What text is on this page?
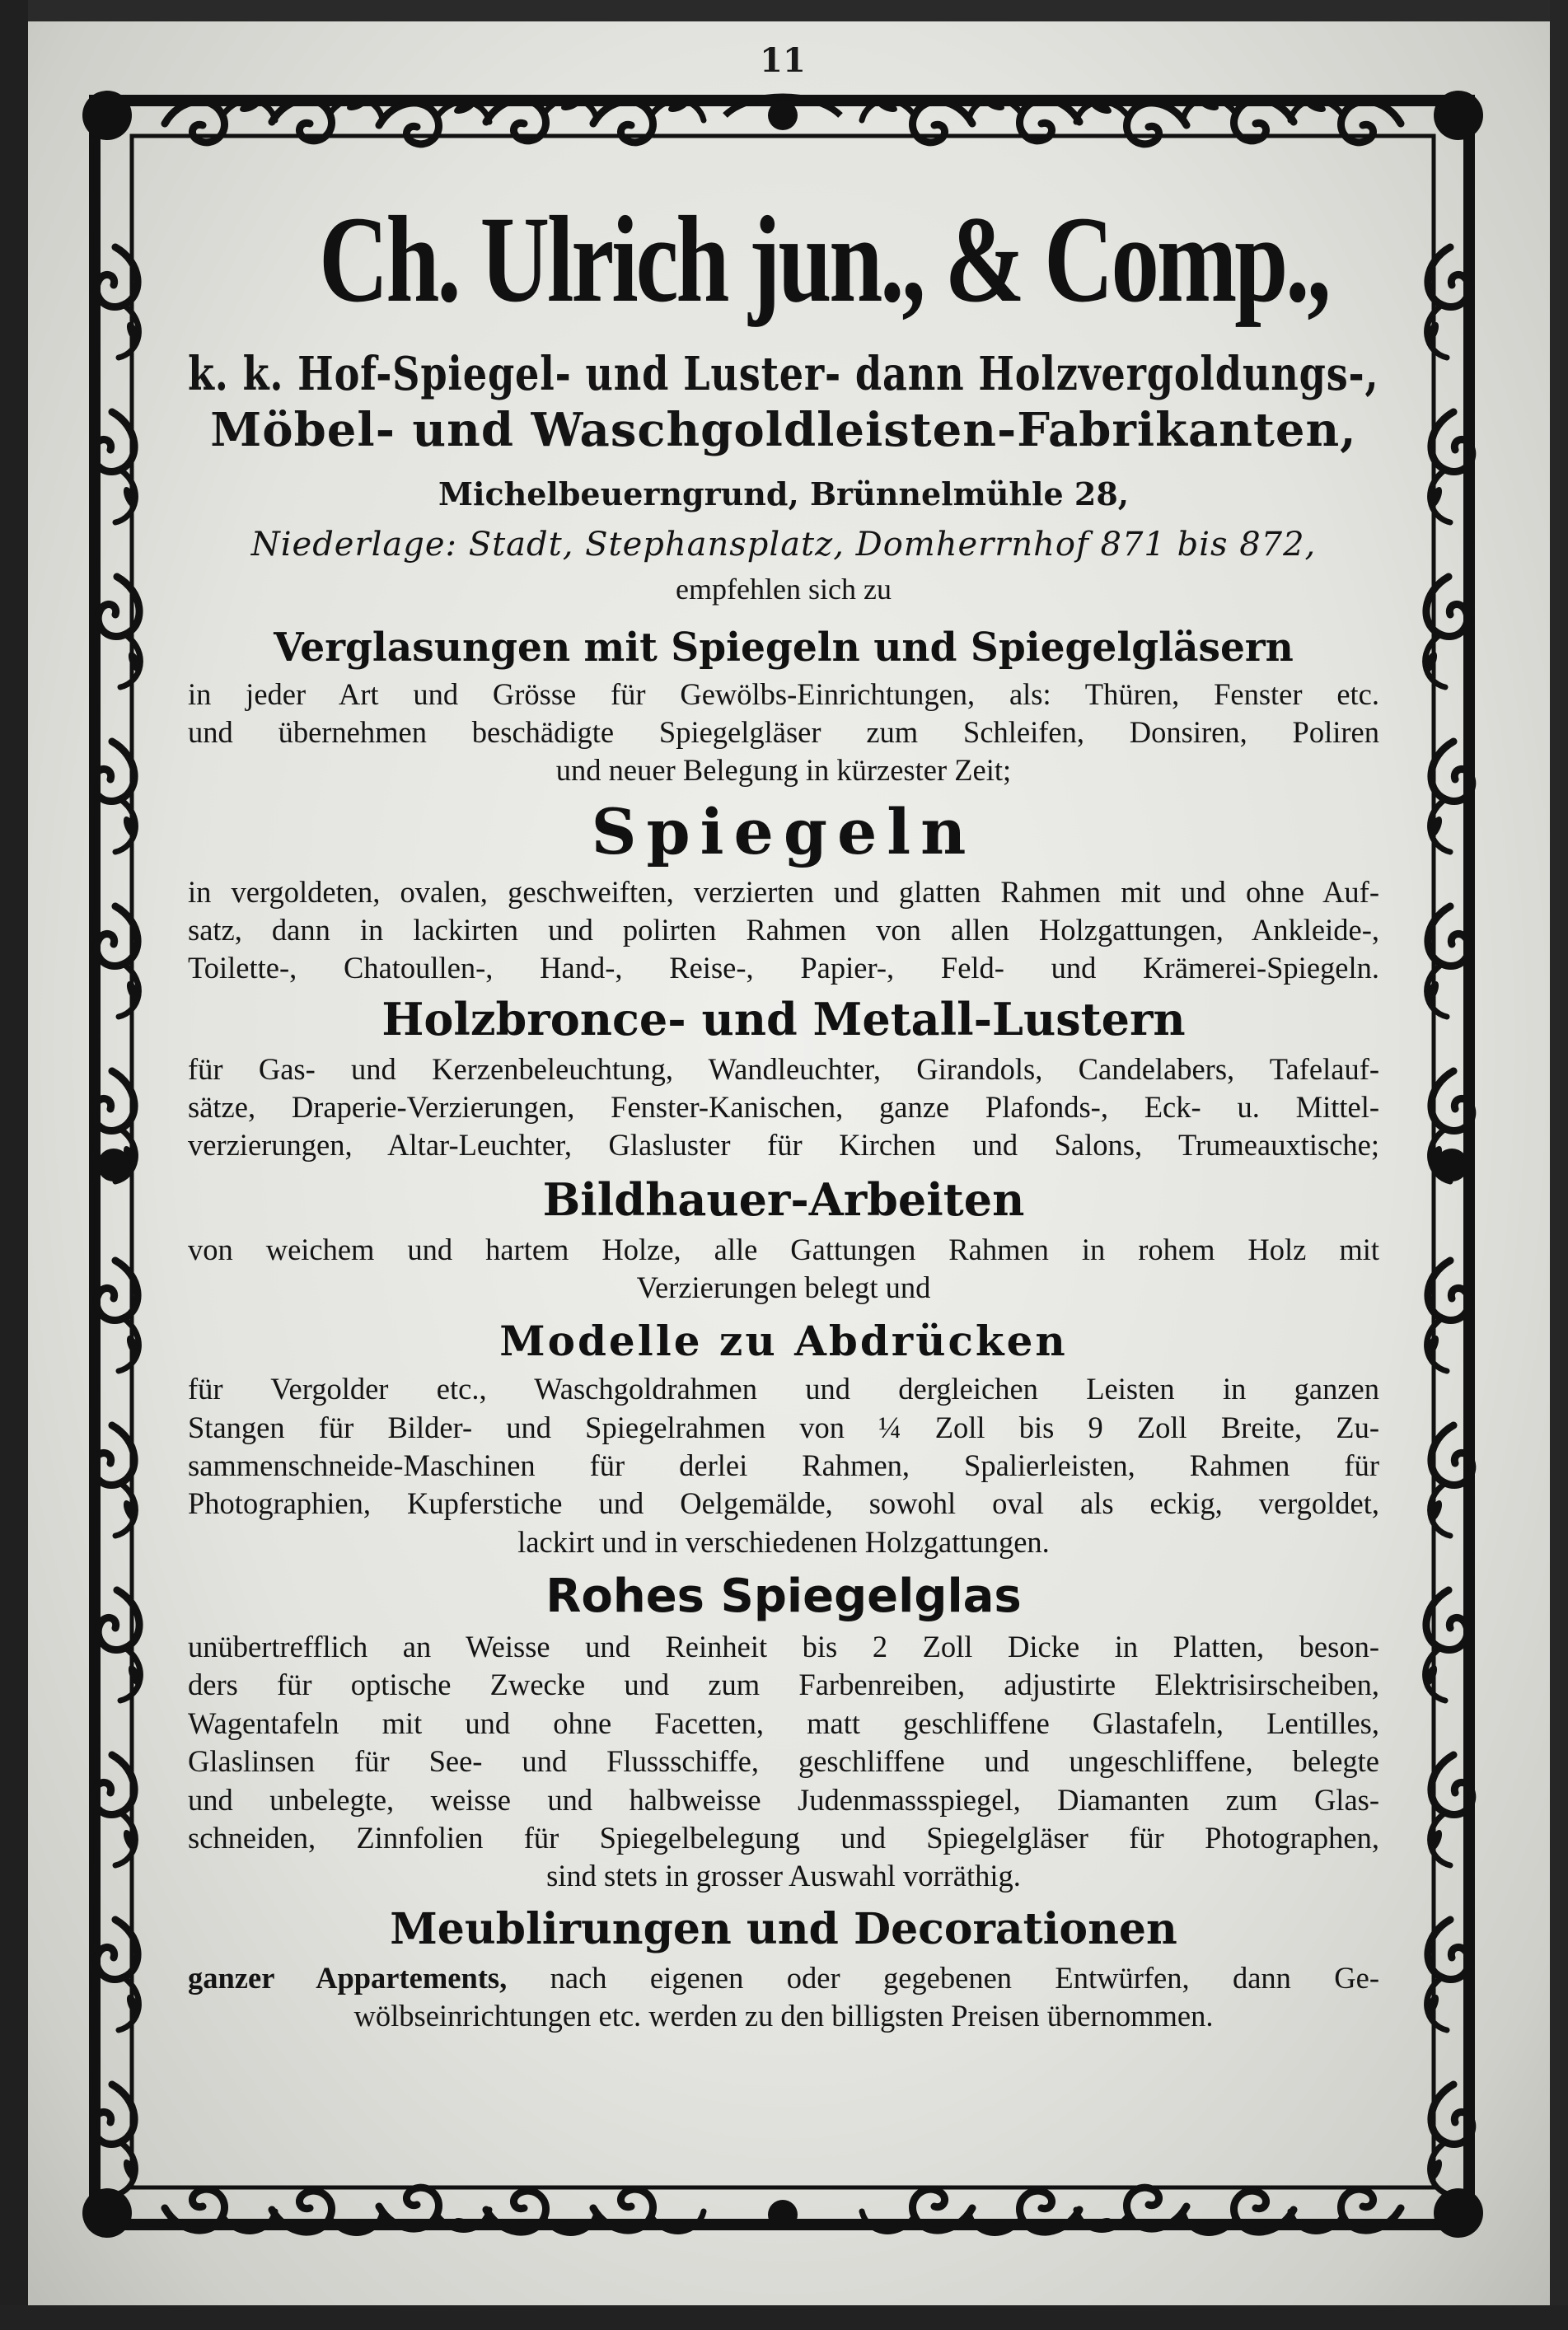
11
Ch. Ulrich jun., & Comp.,
k. k. Hof-Spiegel- und Luster- dann Holzvergoldungs-,
Möbel- und Waschgoldleisten-Fabrikanten,
Michelbeuerngrund, Brünnelmühle 28,
Niederlage: Stadt, Stephansplatz, Domherrnhof 871 bis 872,
empfehlen sich zu
Verglasungen mit Spiegeln und Spiegelgläsern
in jeder Art und Grösse für Gewölbs-Einrichtungen, als: Thüren, Fenster etc.
und übernehmen beschädigte Spiegelgläser zum Schleifen, Donsiren, Poliren
und neuer Belegung in kürzester Zeit;
Spiegeln
in vergoldeten, ovalen, geschweiften, verzierten und glatten Rahmen mit und ohne Auf-
satz, dann in lackirten und polirten Rahmen von allen Holzgattungen, Ankleide-,
Toilette-, Chatoullen-, Hand-, Reise-, Papier-, Feld- und Krämerei-Spiegeln.
Holzbronce- und Metall-Lustern
für Gas- und Kerzenbeleuchtung, Wandleuchter, Girandols, Candelabers, Tafelauf-
sätze, Draperie-Verzierungen, Fenster-Kanischen, ganze Plafonds-, Eck- u. Mittel-
verzierungen, Altar-Leuchter, Glasluster für Kirchen und Salons, Trumeauxtische;
Bildhauer-Arbeiten
von weichem und hartem Holze, alle Gattungen Rahmen in rohem Holz mit
Verzierungen belegt und
Modelle zu Abdrücken
für Vergolder etc., Waschgoldrahmen und dergleichen Leisten in ganzen
Stangen für Bilder- und Spiegelrahmen von ¼ Zoll bis 9 Zoll Breite, Zu-
sammenschneide-Maschinen für derlei Rahmen, Spalierleisten, Rahmen für
Photographien, Kupferstiche und Oelgemälde, sowohl oval als eckig, vergoldet,
lackirt und in verschiedenen Holzgattungen.
Rohes Spiegelglas
unübertrefflich an Weisse und Reinheit bis 2 Zoll Dicke in Platten, beson-
ders für optische Zwecke und zum Farbenreiben, adjustirte Elektrisirscheiben,
Wagentafeln mit und ohne Facetten, matt geschliffene Glastafeln, Lentilles,
Glaslinsen für See- und Flussschiffe, geschliffene und ungeschliffene, belegte
und unbelegte, weisse und halbweisse Judenmassspiegel, Diamanten zum Glas-
schneiden, Zinnfolien für Spiegelbelegung und Spiegelgläser für Photographen,
sind stets in grosser Auswahl vorräthig.
Meublirungen und Decorationen
ganzer Appartements, nach eigenen oder gegebenen Entwürfen, dann Ge-
wölbseinrichtungen etc. werden zu den billigsten Preisen übernommen.
